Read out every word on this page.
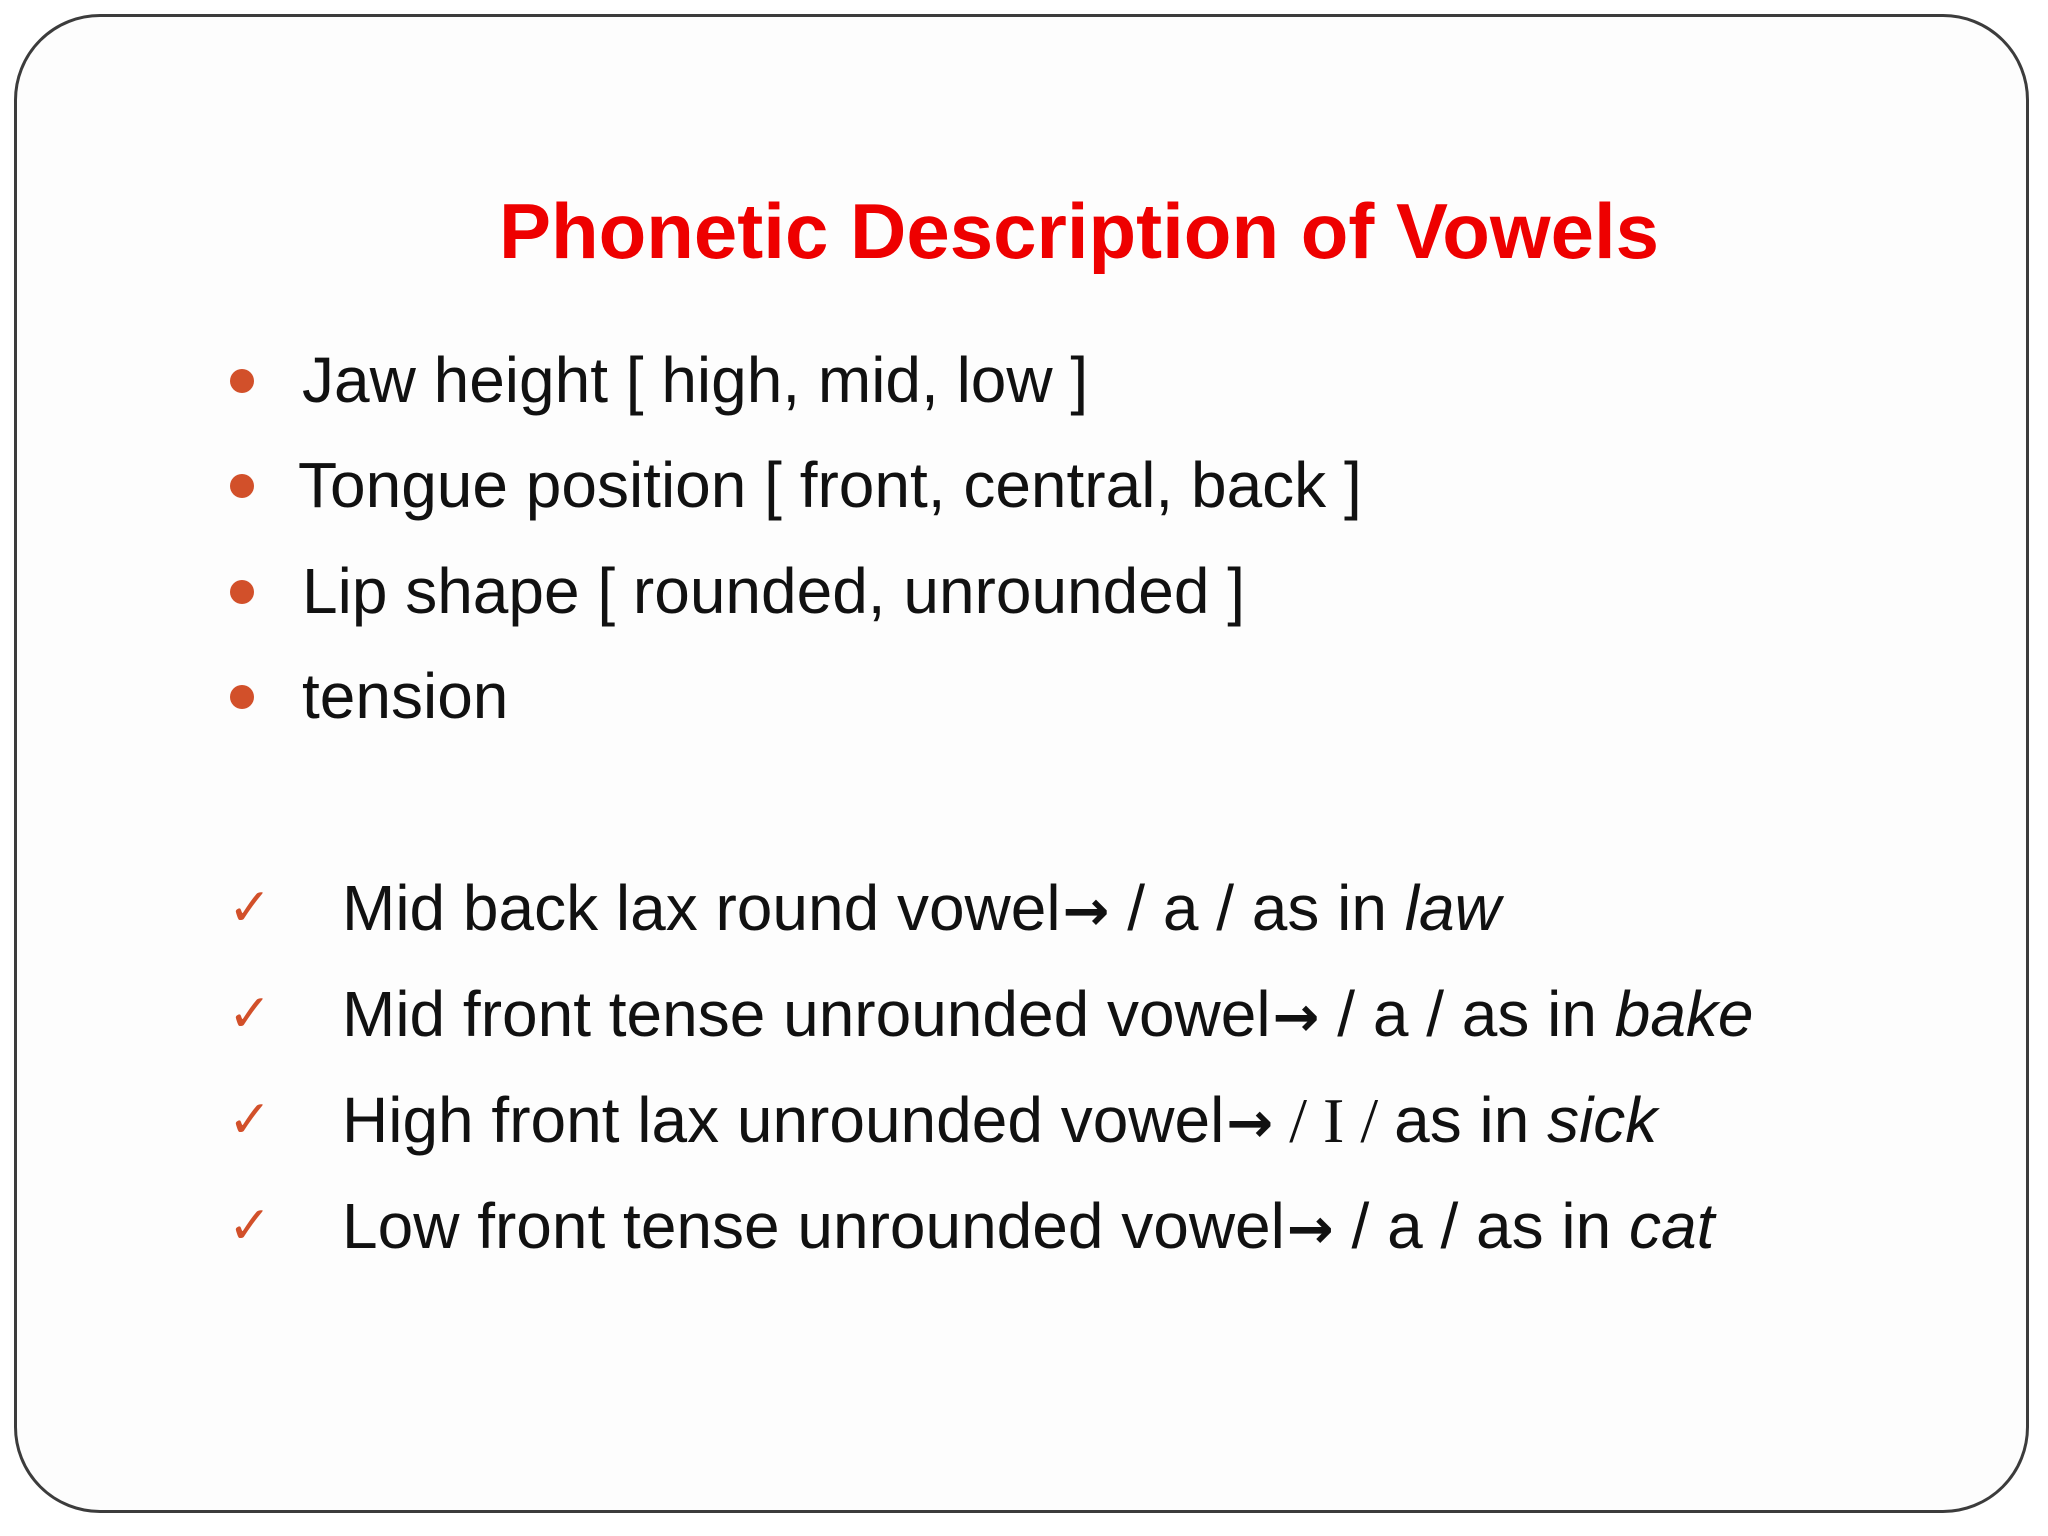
Phonetic Description of Vowels
Jaw height [ high, mid, low ]
Tongue position [ front, central, back ]
Lip shape [ rounded, unrounded ]
tension
✓ Mid back lax round vowel→ / a / as in law
✓ Mid front tense unrounded vowel→ / a / as in bake
✓ High front lax unrounded vowel→ / I / as in sick
✓ Low front tense unrounded vowel→ / a / as in cat
